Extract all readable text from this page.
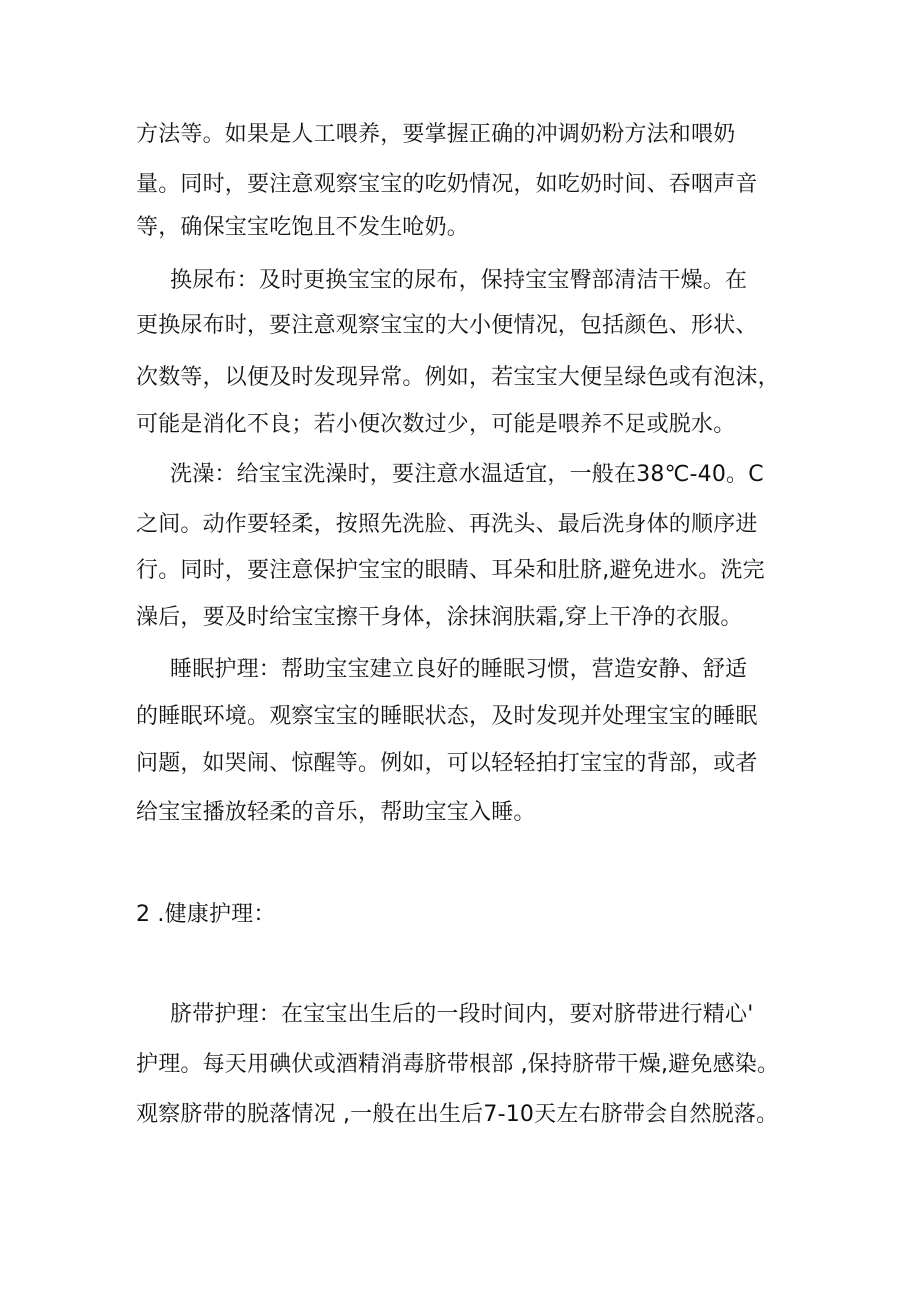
方法等。如果是人工喂养，要掌握正确的冲调奶粉方法和喂奶
量。同时，要注意观察宝宝的吃奶情况，如吃奶时间、吞咽声音
等，确保宝宝吃饱且不发生呛奶。
换尿布：及时更换宝宝的尿布，保持宝宝臀部清洁干燥。在
更换尿布时，要注意观察宝宝的大小便情况，包括颜色、形状、
次数等，以便及时发现异常。例如，若宝宝大便呈绿色或有泡沫，
可能是消化不良；若小便次数过少，可能是喂养不足或脱水。
洗澡：给宝宝洗澡时，要注意水温适宜，一般在38℃-40。C
之间。动作要轻柔，按照先洗脸、再洗头、最后洗身体的顺序进
行。同时，要注意保护宝宝的眼睛、耳朵和肚脐,避免进水。洗完
澡后，要及时给宝宝擦干身体，涂抹润肤霜,穿上干净的衣服。
睡眠护理：帮助宝宝建立良好的睡眠习惯，营造安静、舒适
的睡眠环境。观察宝宝的睡眠状态，及时发现并处理宝宝的睡眠
问题，如哭闹、惊醒等。例如，可以轻轻拍打宝宝的背部，或者
给宝宝播放轻柔的音乐，帮助宝宝入睡。
2 .健康护理：
脐带护理：在宝宝出生后的一段时间内，要对脐带进行精心'
护理。每天用碘伏或酒精消毒脐带根部 ,保持脐带干燥,避免感染。
观察脐带的脱落情况 ,一般在出生后7-10天左右脐带会自然脱落。
